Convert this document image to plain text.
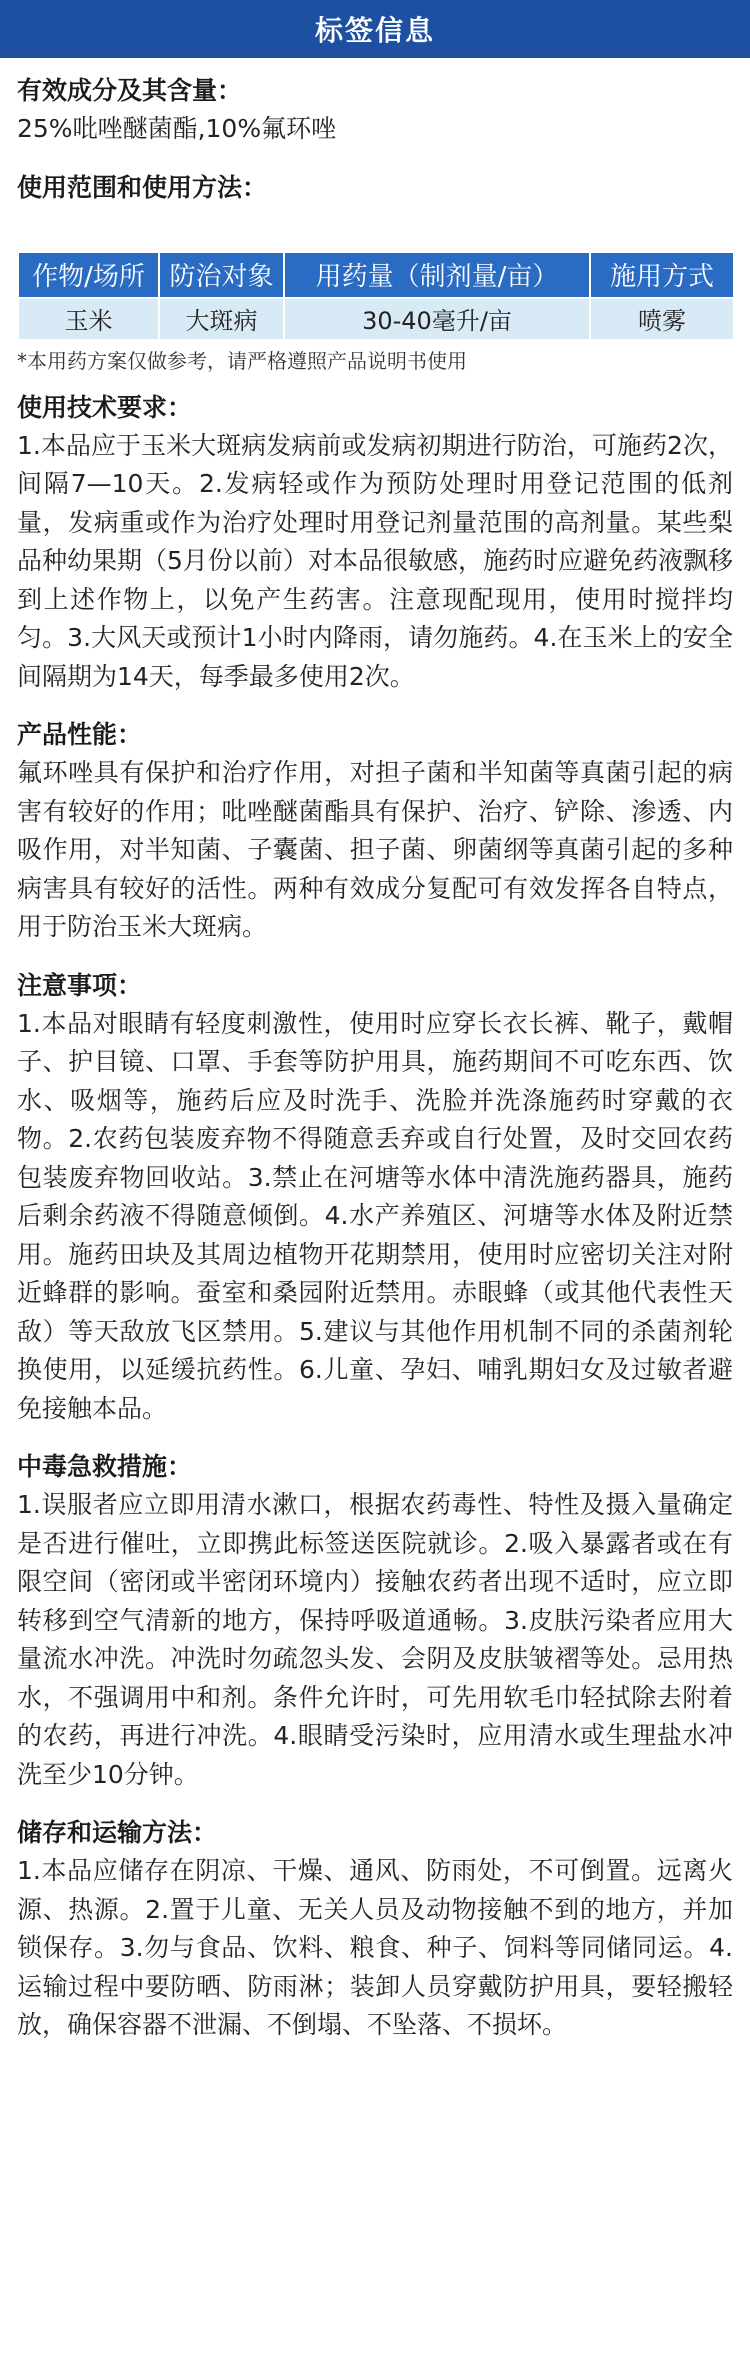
标签信息
有效成分及其含量：
25%吡唑醚菌酯,10%氟环唑
使用范围和使用方法：
作物/场所	防治对象	用药量（制剂量/亩）	施用方式
玉米	大斑病	30-40毫升/亩	喷雾
*本用药方案仅做参考，请严格遵照产品说明书使用
使用技术要求：

1.本品应于玉米大斑病发病前或发病初期进行防治，可施药2次，间隔7—10天。2.发病轻或作为预防处理时用登记范围的低剂量，发病重或作为治疗处理时用登记剂量范围的高剂量。某些梨品种幼果期（5月份以前）对本品很敏感，施药时应避免药液飘移到上述作物上，以免产生药害。注意现配现用，使用时搅拌均匀。3.大风天或预计1小时内降雨，请勿施药。4.在玉米上的安全间隔期为14天，每季最多使用2次。

产品性能：

氟环唑具有保护和治疗作用，对担子菌和半知菌等真菌引起的病害有较好的作用；吡唑醚菌酯具有保护、治疗、铲除、渗透、内吸作用，对半知菌、子囊菌、担子菌、卵菌纲等真菌引起的多种病害具有较好的活性。两种有效成分复配可有效发挥各自特点，用于防治玉米大斑病。

注意事项：

1.本品对眼睛有轻度刺激性，使用时应穿长衣长裤、靴子，戴帽子、护目镜、口罩、手套等防护用具，施药期间不可吃东西、饮水、吸烟等，施药后应及时洗手、洗脸并洗涤施药时穿戴的衣物。2.农药包装废弃物不得随意丢弃或自行处置，及时交回农药包装废弃物回收站。3.禁止在河塘等水体中清洗施药器具，施药后剩余药液不得随意倾倒。4.水产养殖区、河塘等水体及附近禁用。施药田块及其周边植物开花期禁用，使用时应密切关注对附近蜂群的影响。蚕室和桑园附近禁用。赤眼蜂（或其他代表性天敌）等天敌放飞区禁用。5.建议与其他作用机制不同的杀菌剂轮换使用，以延缓抗药性。6.儿童、孕妇、哺乳期妇女及过敏者避免接触本品。

中毒急救措施：

1.误服者应立即用清水漱口，根据农药毒性、特性及摄入量确定是否进行催吐，立即携此标签送医院就诊。2.吸入暴露者或在有限空间（密闭或半密闭环境内）接触农药者出现不适时，应立即转移到空气清新的地方，保持呼吸道通畅。3.皮肤污染者应用大量流水冲洗。冲洗时勿疏忽头发、会阴及皮肤皱褶等处。忌用热水，不强调用中和剂。条件允许时，可先用软毛巾轻拭除去附着的农药，再进行冲洗。4.眼睛受污染时，应用清水或生理盐水冲洗至少10分钟。

储存和运输方法：

1.本品应储存在阴凉、干燥、通风、防雨处，不可倒置。远离火源、热源。2.置于儿童、无关人员及动物接触不到的地方，并加锁保存。3.勿与食品、饮料、粮食、种子、饲料等同储同运。4.运输过程中要防晒、防雨淋；装卸人员穿戴防护用具，要轻搬轻放，确保容器不泄漏、不倒塌、不坠落、不损坏。
